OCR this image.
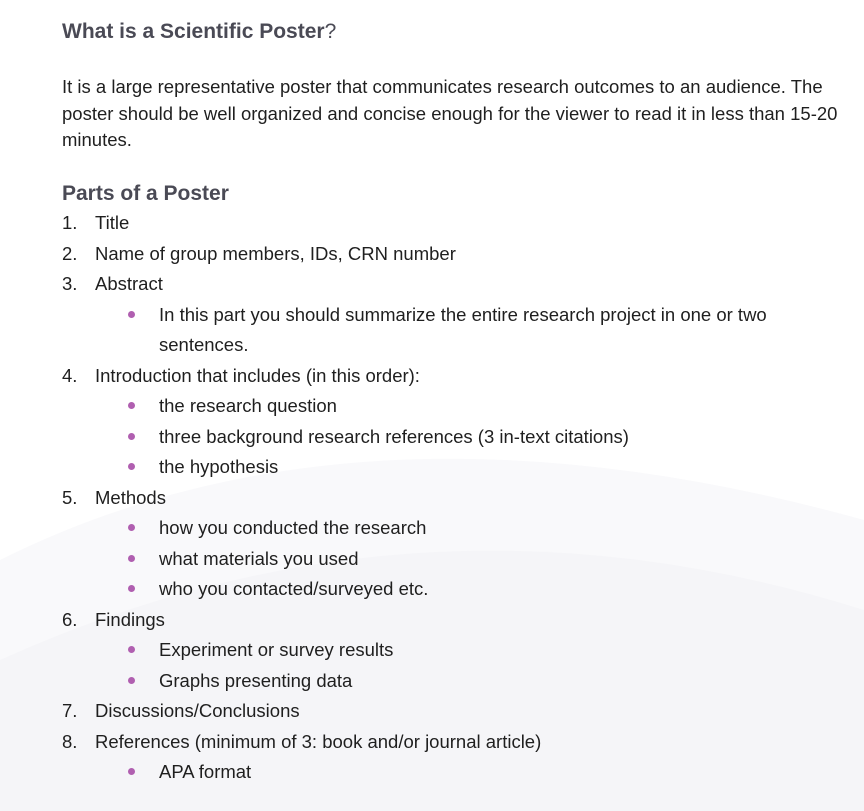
What is a Scientific Poster?

It is a large representative poster that communicates research outcomes to an audience. The poster should be well organized and concise enough for the viewer to read it in less than 15-20 minutes.

Parts of a Poster
1. Title
2. Name of group members, IDs, CRN number
3. Abstract
In this part you should summarize the entire research project in one or two sentences.
4. Introduction that includes (in this order):
the research question
three background research references (3 in-text citations)
the hypothesis
5. Methods
how you conducted the research
what materials you used
who you contacted/surveyed etc.
6. Findings
Experiment or survey results
Graphs presenting data
7. Discussions/Conclusions
8. References (minimum of 3: book and/or journal article)
APA format
